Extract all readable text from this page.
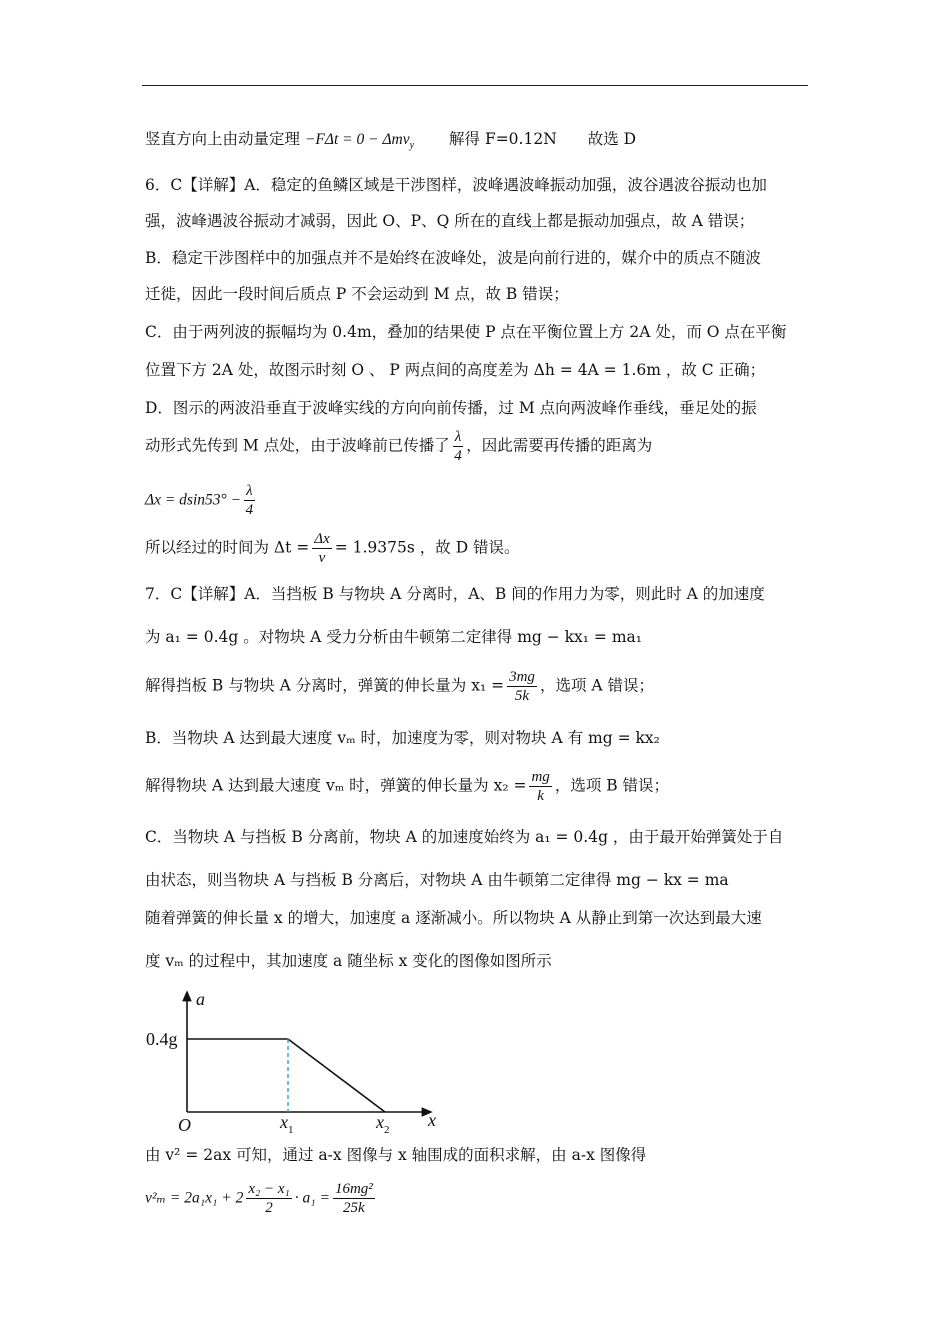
竖直方向上由动量定理 −FΔt = 0 − Δmv$_y$ 解得 F=0.12N 故选 D
6．C【详解】A．稳定的鱼鳞区域是干涉图样，波峰遇波峰振动加强，波谷遇波谷振动也加
强，波峰遇波谷振动才减弱，因此 O、P、Q 所在的直线上都是振动加强点，故 A 错误；
B．稳定干涉图样中的加强点并不是始终在波峰处，波是向前行进的，媒介中的质点不随波
迁徙，因此一段时间后质点 P 不会运动到 M 点，故 B 错误；
C．由于两列波的振幅均为 0.4m，叠加的结果使 P 点在平衡位置上方 2A 处，而 O 点在平衡
位置下方 2A 处，故图示时刻 O 、 P 两点间的高度差为 Δh = 4A = 1.6m ，故 C 正确；
D．图示的两波沿垂直于波峰实线的方向向前传播，过 M 点向两波峰作垂线，垂足处的振
动形式先传到 M 点处，由于波峰前已传播了 $\frac{\lambda}{4}$ ，因此需要再传播的距离为
$\Delta x = dsin53^\circ - \frac{\lambda}{4}$
所以经过的时间为 $\Delta t = \frac{\Delta x}{v} = 1.9375s$ ，故 D 错误。
7．C【详解】A．当挡板 B 与物块 A 分离时，A、B 间的作用力为零，则此时 A 的加速度
为 a₁ = 0.4g 。对物块 A 受力分析由牛顿第二定律得 mg − kx₁ = ma₁
解得挡板 B 与物块 A 分离时，弹簧的伸长量为 $x_1 = \frac{3mg}{5k}$ ，选项 A 错误；
B．当物块 A 达到最大速度 vₘ 时，加速度为零，则对物块 A 有 mg = kx₂
解得物块 A 达到最大速度 vₘ 时，弹簧的伸长量为 $x_2 = \frac{mg}{k}$ ，选项 B 错误；
C．当物块 A 与挡板 B 分离前，物块 A 的加速度始终为 a₁ = 0.4g ，由于最开始弹簧处于自
由状态，则当物块 A 与挡板 B 分离后，对物块 A 由牛顿第二定律得 mg − kx = ma
随着弹簧的伸长量 x 的增大，加速度 a 逐渐减小。所以物块 A 从静止到第一次达到最大速
度 vₘ 的过程中，其加速度 a 随坐标 x 变化的图像如图所示
a
0.4g
O	$x_1$	$x_2$ x
由 v² = 2ax 可知，通过 a-x 图像与 x 轴围成的面积求解，由 a-x 图像得
$v^2_m = 2a_1x_1 + 2 \frac{\text{x₂ − x₁}}{2} \cdot a_1 = \frac{\text{16mg²}}{25k}$
